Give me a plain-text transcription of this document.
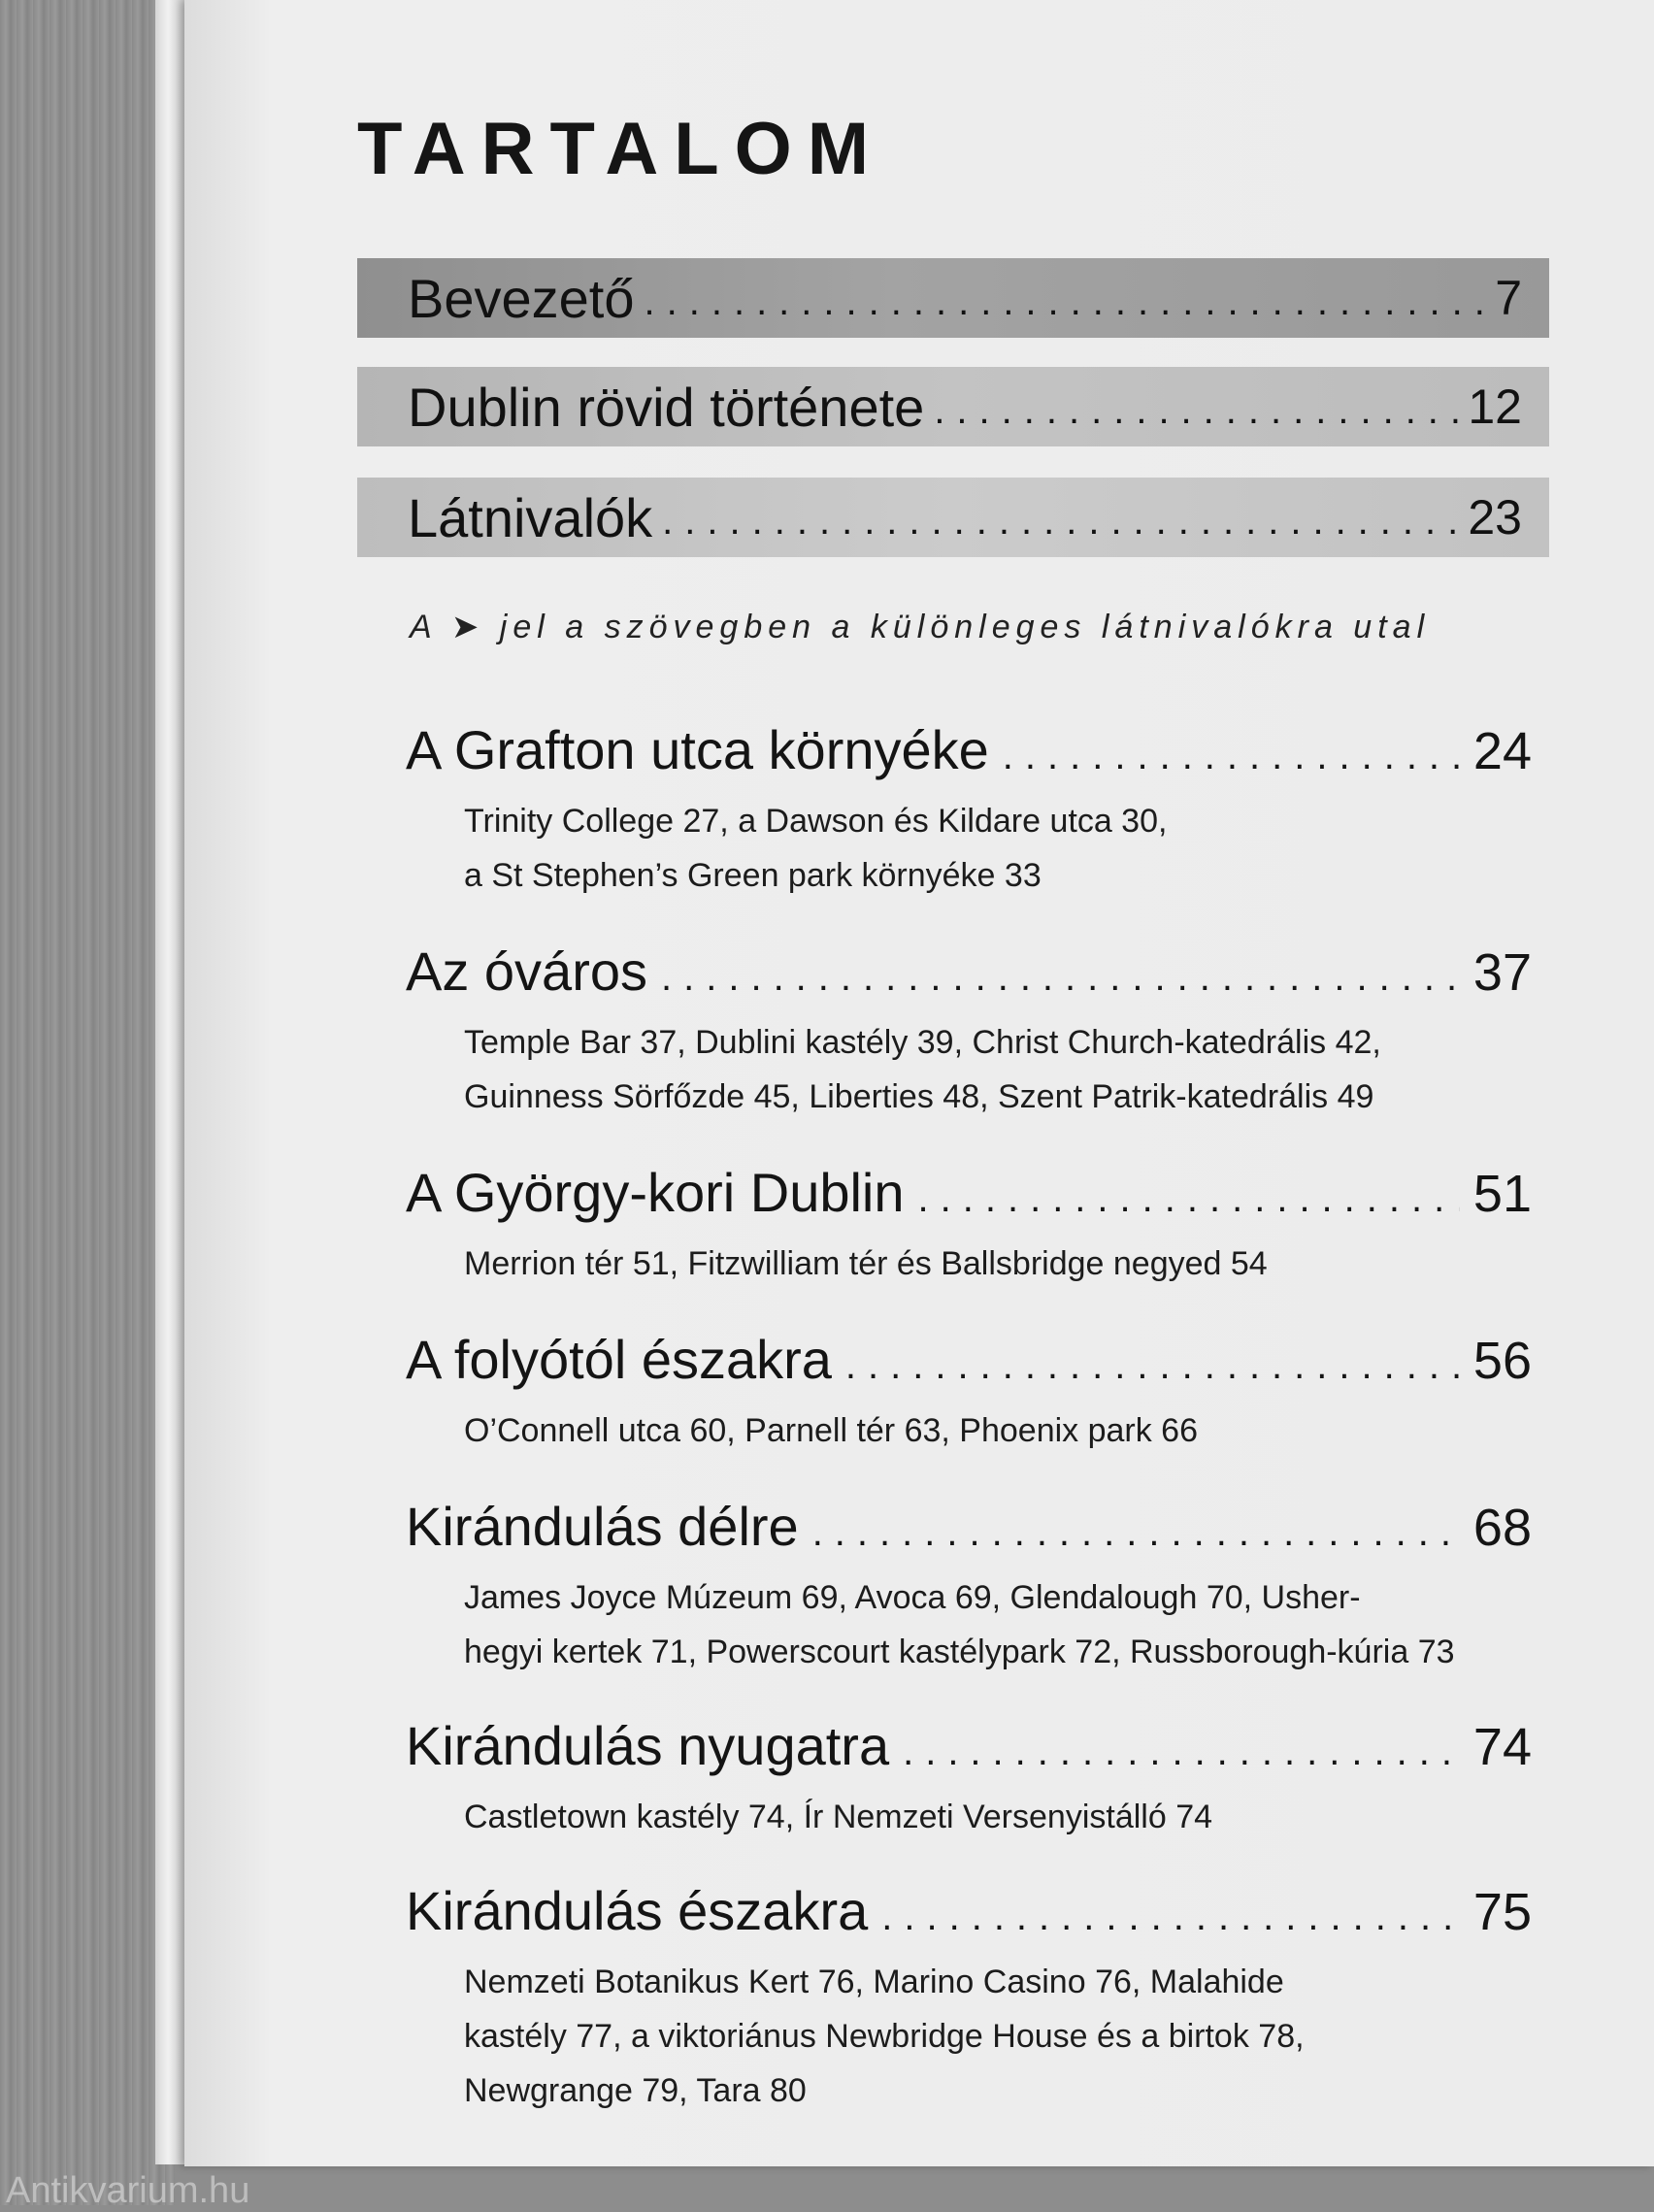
Antikvarium.hu
TARTALOM
Bevezető .....	7
Dublin rövid története .....	12
Látnivalók .....	23
A ➤ jel a szövegben a különleges látnivalókra utal
A Grafton utca környéke .....	24
Trinity College 27, a Dawson és Kildare utca 30,
a St Stephen’s Green park környéke 33
Az óváros .....	37
Temple Bar 37, Dublini kastély 39, Christ Church-katedrális 42,
Guinness Sörfőzde 45, Liberties 48, Szent Patrik-katedrális 49
A György-kori Dublin .....	51
Merrion tér 51, Fitzwilliam tér és Ballsbridge negyed 54
A folyótól északra .....	56
O’Connell utca 60, Parnell tér 63, Phoenix park 66
Kirándulás délre .....	68
James Joyce Múzeum 69, Avoca 69, Glendalough 70, Usher-
hegyi kertek 71, Powerscourt kastélypark 72, Russborough-kúria 73
Kirándulás nyugatra .....	74
Castletown kastély 74, Ír Nemzeti Versenyistálló 74
Kirándulás északra .....	75
Nemzeti Botanikus Kert 76, Marino Casino 76, Malahide
kastély 77, a viktoriánus Newbridge House és a birtok 78,
Newgrange 79, Tara 80
